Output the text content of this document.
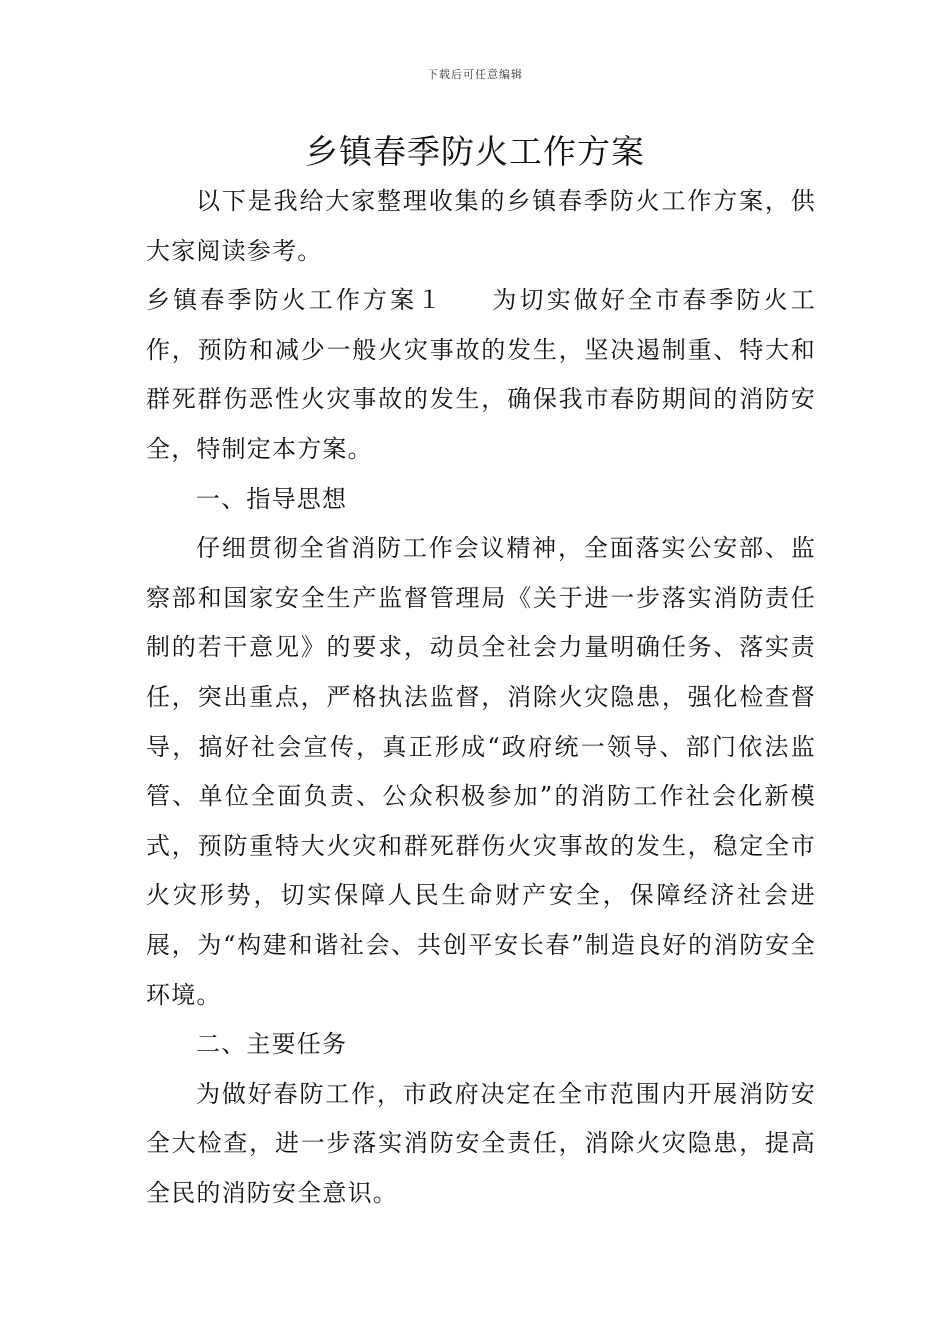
下载后可任意编辑
乡镇春季防火工作方案

以下是我给大家整理收集的乡镇春季防火工作方案，供大家阅读参考。

乡镇春季防火工作方案１ 为切实做好全市春季防火工作，预防和减少一般火灾事故的发生，坚决遏制重、特大和群死群伤恶性火灾事故的发生，确保我市春防期间的消防安全，特制定本方案。

一、指导思想

仔细贯彻全省消防工作会议精神，全面落实公安部、监察部和国家安全生产监督管理局《关于进一步落实消防责任制的若干意见》的要求，动员全社会力量明确任务、落实责任，突出重点，严格执法监督，消除火灾隐患，强化检查督导，搞好社会宣传，真正形成“政府统一领导、部门依法监管、单位全面负责、公众积极参加”的消防工作社会化新模式，预防重特大火灾和群死群伤火灾事故的发生，稳定全市火灾形势，切实保障人民生命财产安全，保障经济社会进展，为“构建和谐社会、共创平安长春”制造良好的消防安全环境。

二、主要任务

为做好春防工作，市政府决定在全市范围内开展消防安全大检查，进一步落实消防安全责任，消除火灾隐患，提高全民的消防安全意识。
